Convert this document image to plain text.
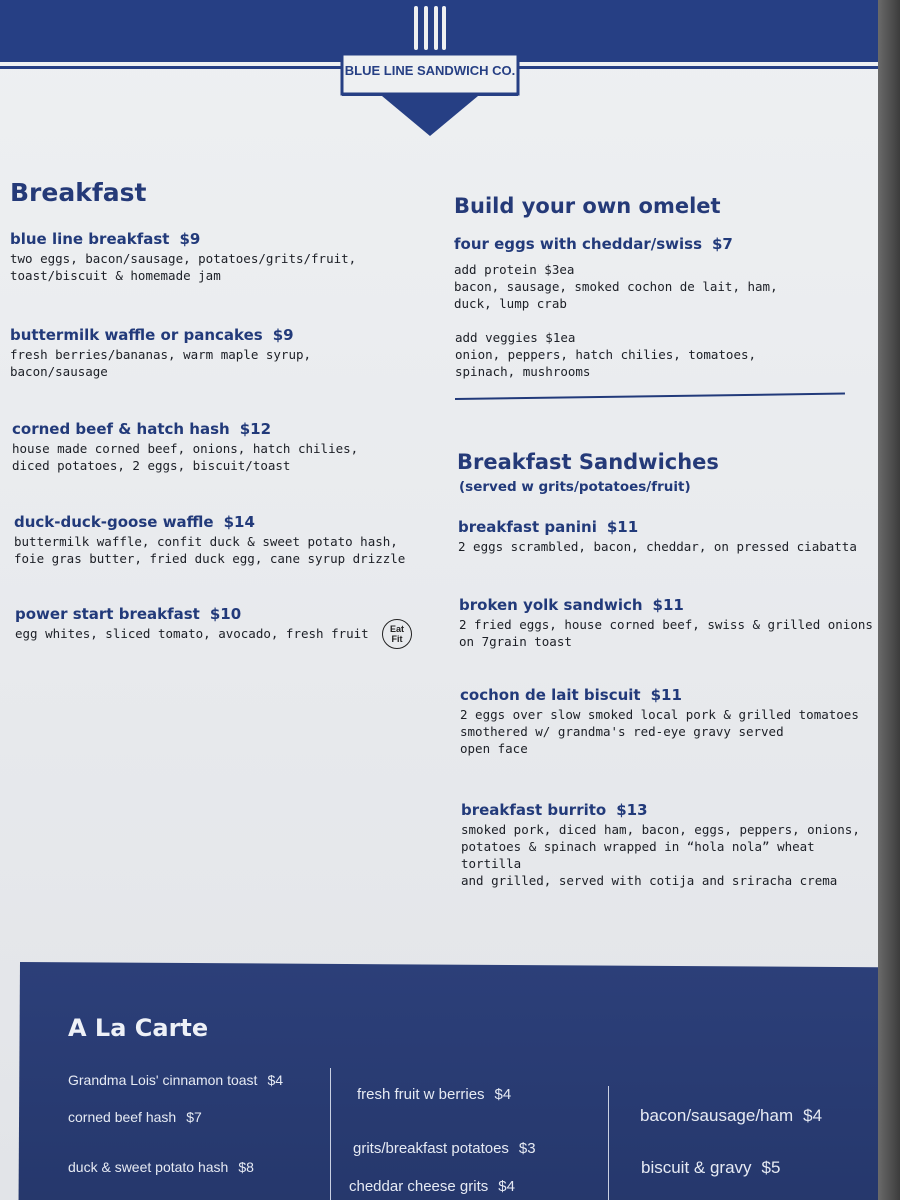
BLUE LINE SANDWICH CO.
Breakfast
blue line breakfast $9
two eggs, bacon/sausage, potatoes/grits/fruit,
toast/biscuit & homemade jam
buttermilk waffle or pancakes $9
fresh berries/bananas, warm maple syrup,
bacon/sausage
corned beef & hatch hash $12
house made corned beef, onions, hatch chilies,
diced potatoes, 2 eggs, biscuit/toast
duck-duck-goose waffle $14
buttermilk waffle, confit duck & sweet potato hash,
foie gras butter, fried duck egg, cane syrup drizzle
power start breakfast $10
egg whites, sliced tomato, avocado, fresh fruit Eat
Fit
Build your own omelet
four eggs with cheddar/swiss $7
add protein $3ea
bacon, sausage, smoked cochon de lait, ham,
duck, lump crab
add veggies $1ea
onion, peppers, hatch chilies, tomatoes,
spinach, mushrooms
Breakfast Sandwiches
(served w grits/potatoes/fruit)
breakfast panini $11
2 eggs scrambled, bacon, cheddar, on pressed ciabatta
broken yolk sandwich $11
2 fried eggs, house corned beef, swiss & grilled onions
on 7grain toast
cochon de lait biscuit $11
2 eggs over slow smoked local pork & grilled tomatoes
smothered w/ grandma's red-eye gravy served
open face
breakfast burrito $13
smoked pork, diced ham, bacon, eggs, peppers, onions,
potatoes & spinach wrapped in “hola nola” wheat tortilla
and grilled, served with cotija and sriracha crema
A La Carte
Grandma Lois' cinnamon toast $4
corned beef hash $7
duck & sweet potato hash $8
fresh fruit w berries $4
grits/breakfast potatoes $3
cheddar cheese grits $4
bacon/sausage/ham $4
biscuit & gravy $5
